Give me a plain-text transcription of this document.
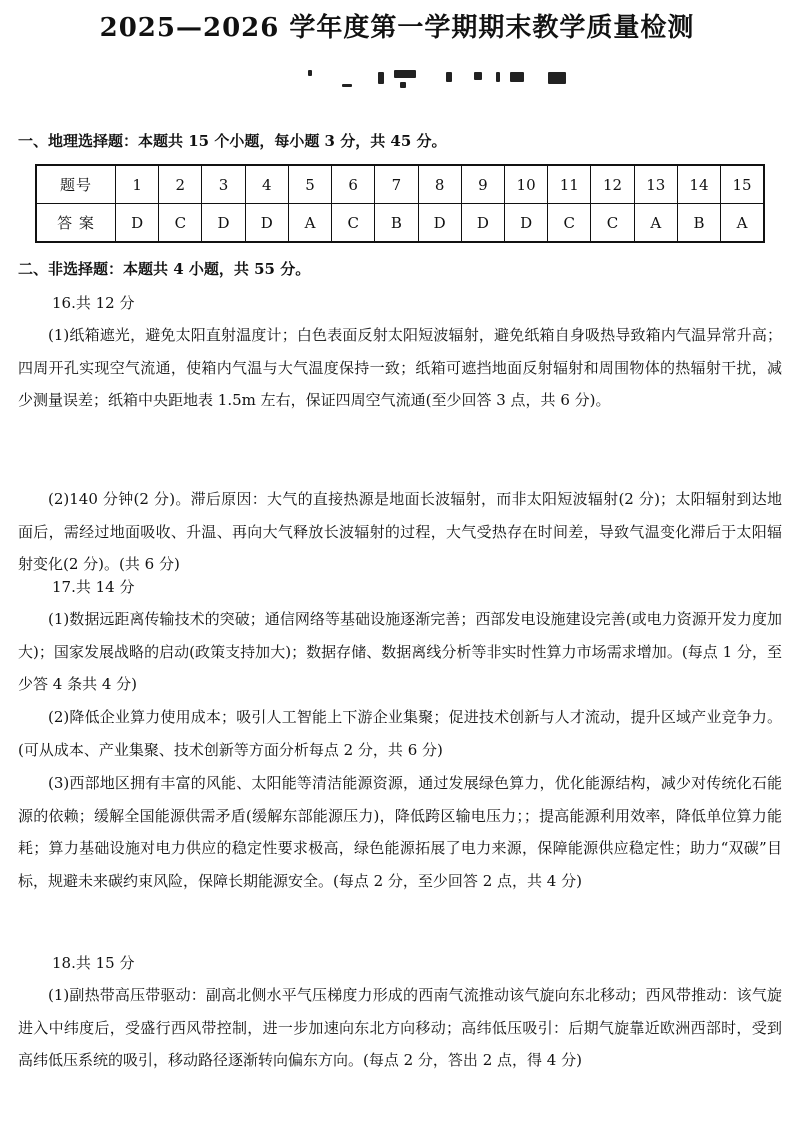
2025—2026 学年度第一学期期末教学质量检测
一、地理选择题：本题共 15 个小题，每小题 3 分，共 45 分。
题号	1	2	3	4	5	6	7	8	9	10	11	12	13	14	15
答 案	D	C	D	D	A	C	B	D	D	D	C	C	A	B	A
二、非选择题：本题共 4 小题，共 55 分。
16.共 12 分
(1)纸箱遮光，避免太阳直射温度计；白色表面反射太阳短波辐射，避免纸箱自身吸热导致箱内气温异常升高；四周开孔实现空气流通，使箱内气温与大气温度保持一致；纸箱可遮挡地面反射辐射和周围物体的热辐射干扰，减少测量误差；纸箱中央距地表 1.5m 左右，保证四周空气流通(至少回答 3 点，共 6 分)。
(2)140 分钟(2 分)。滞后原因：大气的直接热源是地面长波辐射，而非太阳短波辐射(2 分)；太阳辐射到达地面后，需经过地面吸收、升温、再向大气释放长波辐射的过程，大气受热存在时间差，导致气温变化滞后于太阳辐射变化(2 分)。(共 6 分)
17.共 14 分
(1)数据远距离传输技术的突破；通信网络等基础设施逐渐完善；西部发电设施建设完善(或电力资源开发力度加大)；国家发展战略的启动(政策支持加大)；数据存储、数据离线分析等非实时性算力市场需求增加。(每点 1 分，至少答 4 条共 4 分)
(2)降低企业算力使用成本；吸引人工智能上下游企业集聚；促进技术创新与人才流动，提升区域产业竞争力。(可从成本、产业集聚、技术创新等方面分析每点 2 分，共 6 分)
(3)西部地区拥有丰富的风能、太阳能等清洁能源资源，通过发展绿色算力，优化能源结构，减少对传统化石能源的依赖；缓解全国能源供需矛盾(缓解东部能源压力)，降低跨区输电压力；；提高能源利用效率，降低单位算力能耗；算力基础设施对电力供应的稳定性要求极高，绿色能源拓展了电力来源，保障能源供应稳定性；助力“双碳”目标，规避未来碳约束风险，保障长期能源安全。(每点 2 分，至少回答 2 点，共 4 分)
18.共 15 分
(1)副热带高压带驱动：副高北侧水平气压梯度力形成的西南气流推动该气旋向东北移动；西风带推动：该气旋进入中纬度后，受盛行西风带控制，进一步加速向东北方向移动；高纬低压吸引：后期气旋靠近欧洲西部时，受到高纬低压系统的吸引，移动路径逐渐转向偏东方向。(每点 2 分，答出 2 点，得 4 分)
